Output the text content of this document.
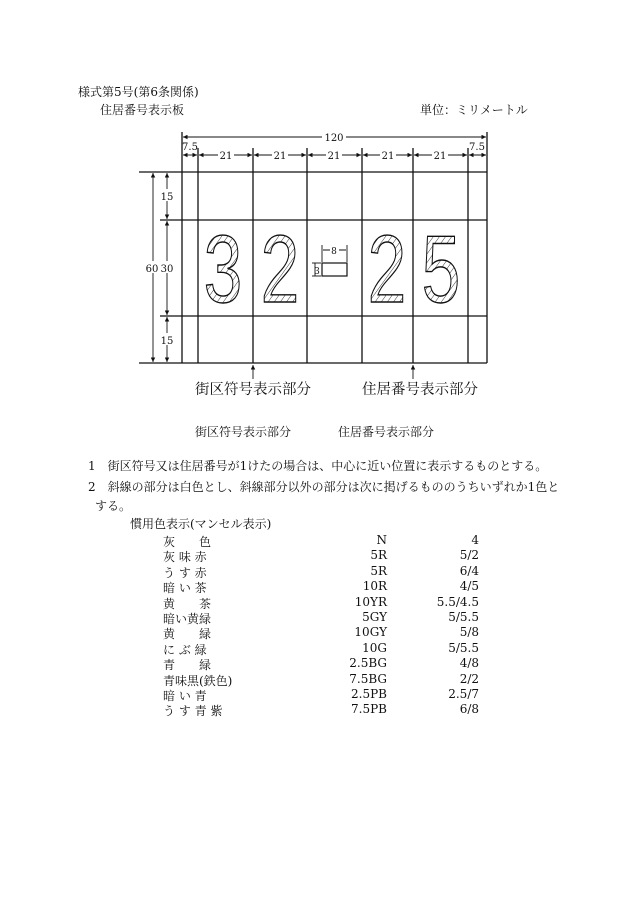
様式第5号(第6条関係)
住居番号表示板	単位：ミリメートル
120
7.5	7.5
21	21	21	21	21
15
30
60
15
8
3
3 2 2 5
街区符号表示部分	住居番号表示部分
街区符号表示部分	住居番号表示部分
1　街区符号又は住居番号が1けたの場合は、中心に近い位置に表示するものとする。
2　斜線の部分は白色とし、斜線部分以外の部分は次に掲げるもののうちいずれか1色と
する。
慣用色表示(マンセル表示)
灰　　色	N	4
灰 味 赤	5R	5/2
う す 赤	5R	6/4
暗 い 茶	10R	4/5
黄　　茶	10YR	5.5/4.5
暗い黄緑	5GY	5/5.5
黄　　緑	10GY	5/8
に ぶ 緑	10G	5/5.5
青　　緑	2.5BG	4/8
青味黒(鉄色)	7.5BG	2/2
暗 い 青	2.5PB	2.5/7
う す 青 紫	7.5PB	6/8
